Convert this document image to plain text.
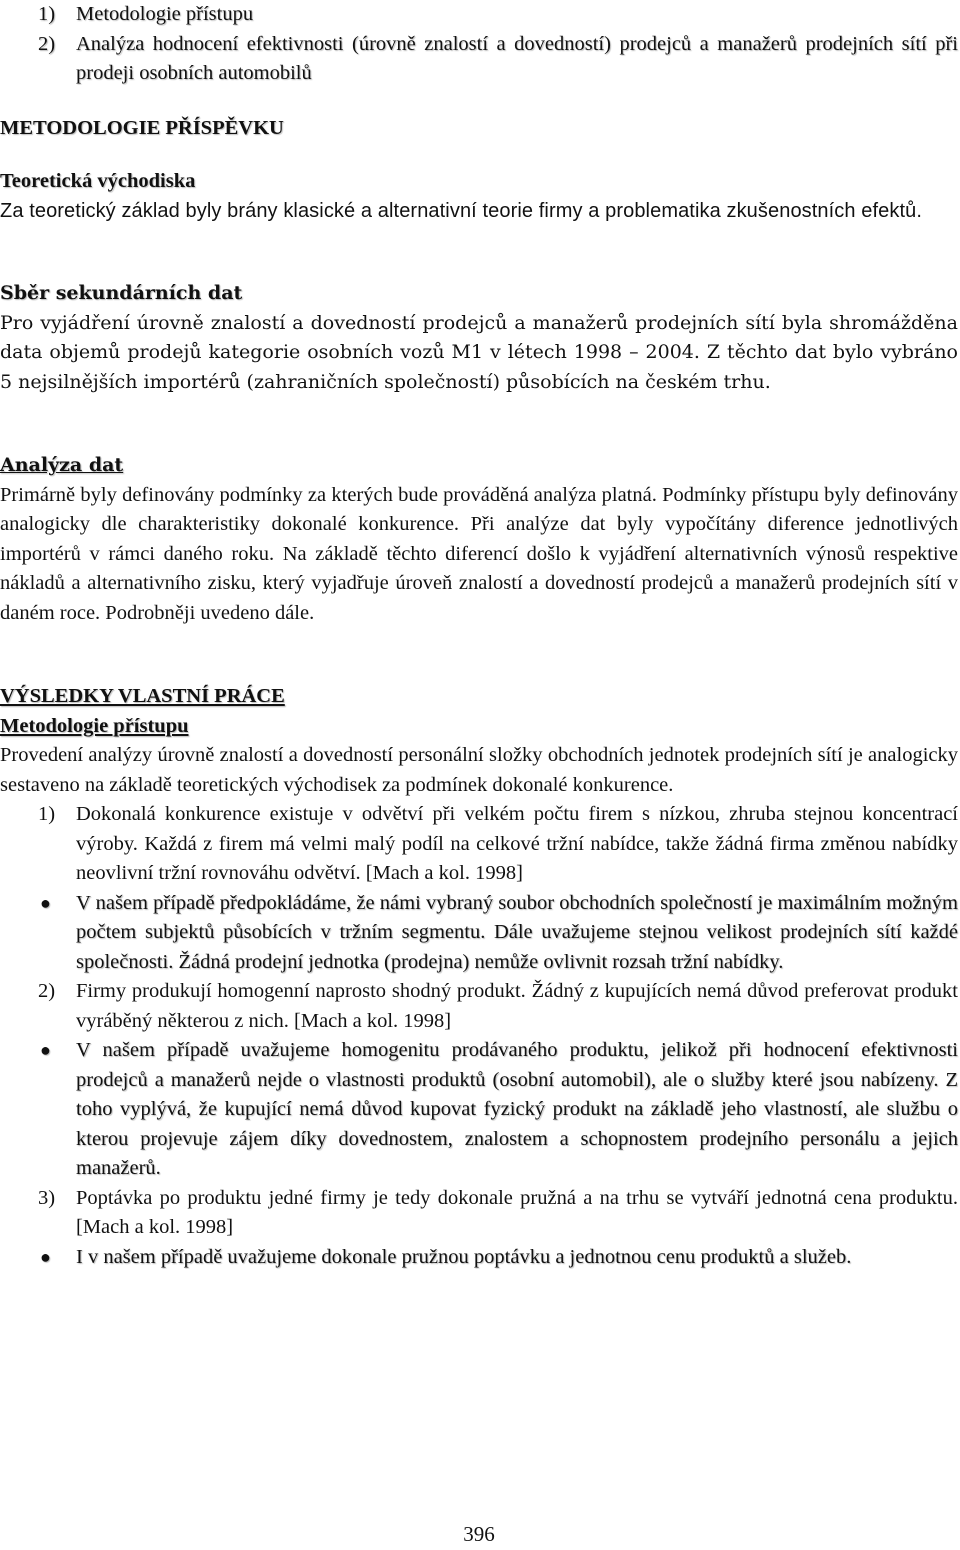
1) Metodologie přístupu
2) Analýza hodnocení efektivnosti (úrovně znalostí a dovedností) prodejců a manažerů prodejních sítí při prodeji osobních automobilů

METODOLOGIE PŘÍSPĚVKU

Teoretická východiska

Za teoretický základ byly brány klasické a alternativní teorie firmy a problematika zkušenostních efektů.

Sběr sekundárních dat

Pro vyjádření úrovně znalostí a dovedností prodejců a manažerů prodejních sítí byla shromážděna data objemů prodejů kategorie osobních vozů M1 v létech 1998 – 2004. Z těchto dat bylo vybráno 5 nejsilnějších importérů (zahraničních společností) působících na českém trhu.

Analýza dat

Primárně byly definovány podmínky za kterých bude prováděná analýza platná. Podmínky přístupu byly definovány analogicky dle charakteristiky dokonalé konkurence. Při analýze dat byly vypočítány diference jednotlivých importérů v rámci daného roku. Na základě těchto diferencí došlo k vyjádření alternativních výnosů respektive nákladů a alternativního zisku, který vyjadřuje úroveň znalostí a dovedností prodejců a manažerů prodejních sítí v daném roce. Podrobněji uvedeno dále.

VÝSLEDKY VLASTNÍ PRÁCE

Metodologie přístupu

Provedení analýzy úrovně znalostí a dovedností personální složky obchodních jednotek prodejních sítí je analogicky sestaveno na základě teoretických východisek za podmínek dokonalé konkurence.

1) Dokonalá konkurence existuje v odvětví při velkém počtu firem s nízkou, zhruba stejnou koncentrací výroby. Každá z firem má velmi malý podíl na celkové tržní nabídce, takže žádná firma změnou nabídky neovlivní tržní rovnováhu odvětví. [Mach a kol. 1998]
● V našem případě předpokládáme, že námi vybraný soubor obchodních společností je maximálním možným počtem subjektů působících v tržním segmentu. Dále uvažujeme stejnou velikost prodejních sítí každé společnosti. Žádná prodejní jednotka (prodejna) nemůže ovlivnit rozsah tržní nabídky.
2) Firmy produkují homogenní naprosto shodný produkt. Žádný z kupujících nemá důvod preferovat produkt vyráběný některou z nich. [Mach a kol. 1998]
● V našem případě uvažujeme homogenitu prodávaného produktu, jelikož při hodnocení efektivnosti prodejců a manažerů nejde o vlastnosti produktů (osobní automobil), ale o služby které jsou nabízeny. Z toho vyplývá, že kupující nemá důvod kupovat fyzický produkt na základě jeho vlastností, ale službu o kterou projevuje zájem díky dovednostem, znalostem a schopnostem prodejního personálu a jejich manažerů.
3) Poptávka po produktu jedné firmy je tedy dokonale pružná a na trhu se vytváří jednotná cena produktu. [Mach a kol. 1998]
● I v našem případě uvažujeme dokonale pružnou poptávku a jednotnou cenu produktů a služeb.
396
